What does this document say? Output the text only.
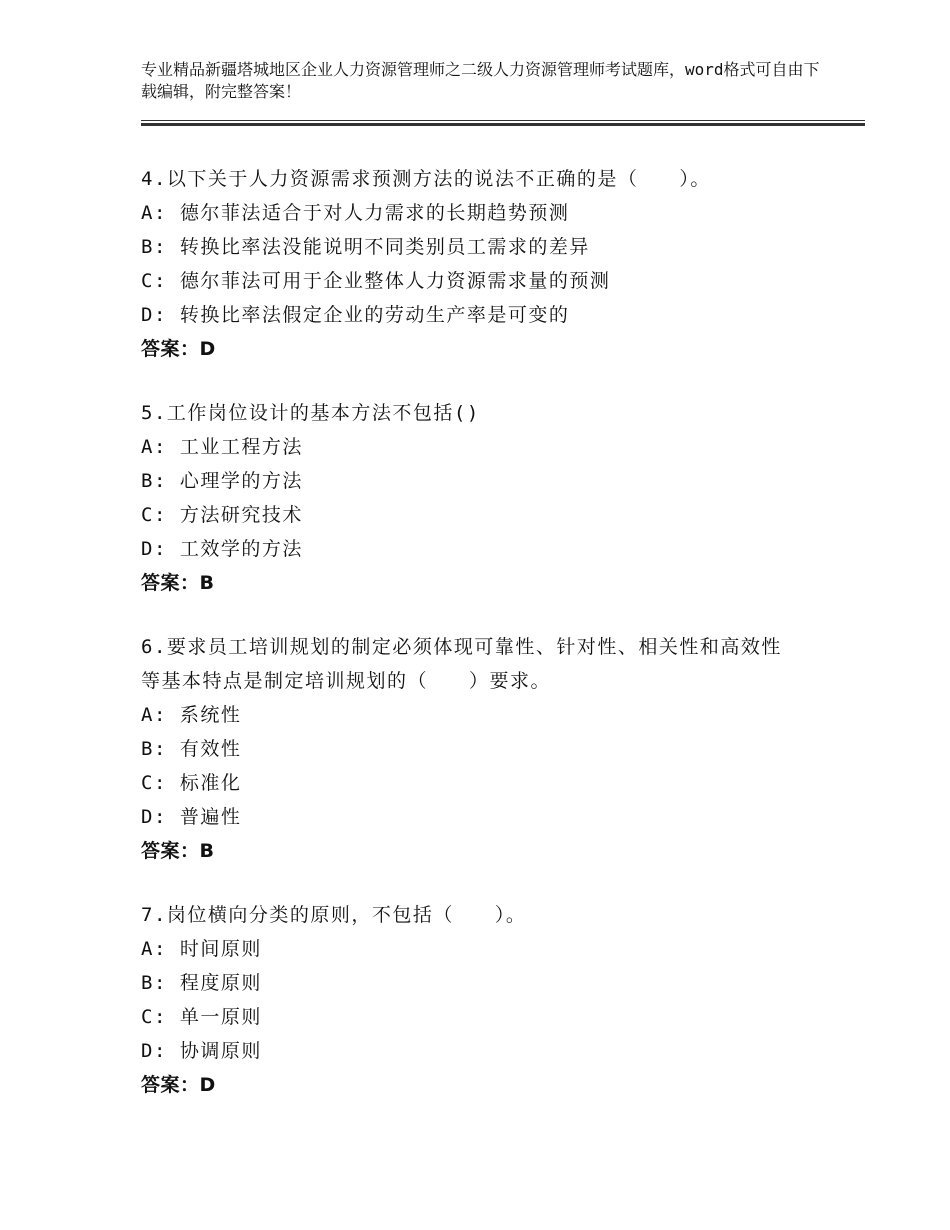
专业精品新疆塔城地区企业人力资源管理师之二级人力资源管理师考试题库，word格式可自由下载编辑，附完整答案！
4.以下关于人力资源需求预测方法的说法不正确的是（　　）。
A: 德尔菲法适合于对人力需求的长期趋势预测
B: 转换比率法没能说明不同类别员工需求的差异
C: 德尔菲法可用于企业整体人力资源需求量的预测
D: 转换比率法假定企业的劳动生产率是可变的
答案：D
5.工作岗位设计的基本方法不包括()
A: 工业工程方法
B: 心理学的方法
C: 方法研究技术
D: 工效学的方法
答案：B
6.要求员工培训规划的制定必须体现可靠性、针对性、相关性和高效性等基本特点是制定培训规划的（　　）要求。
A: 系统性
B: 有效性
C: 标准化
D: 普遍性
答案：B
7.岗位横向分类的原则，不包括（　　）。
A: 时间原则
B: 程度原则
C: 单一原则
D: 协调原则
答案：D
